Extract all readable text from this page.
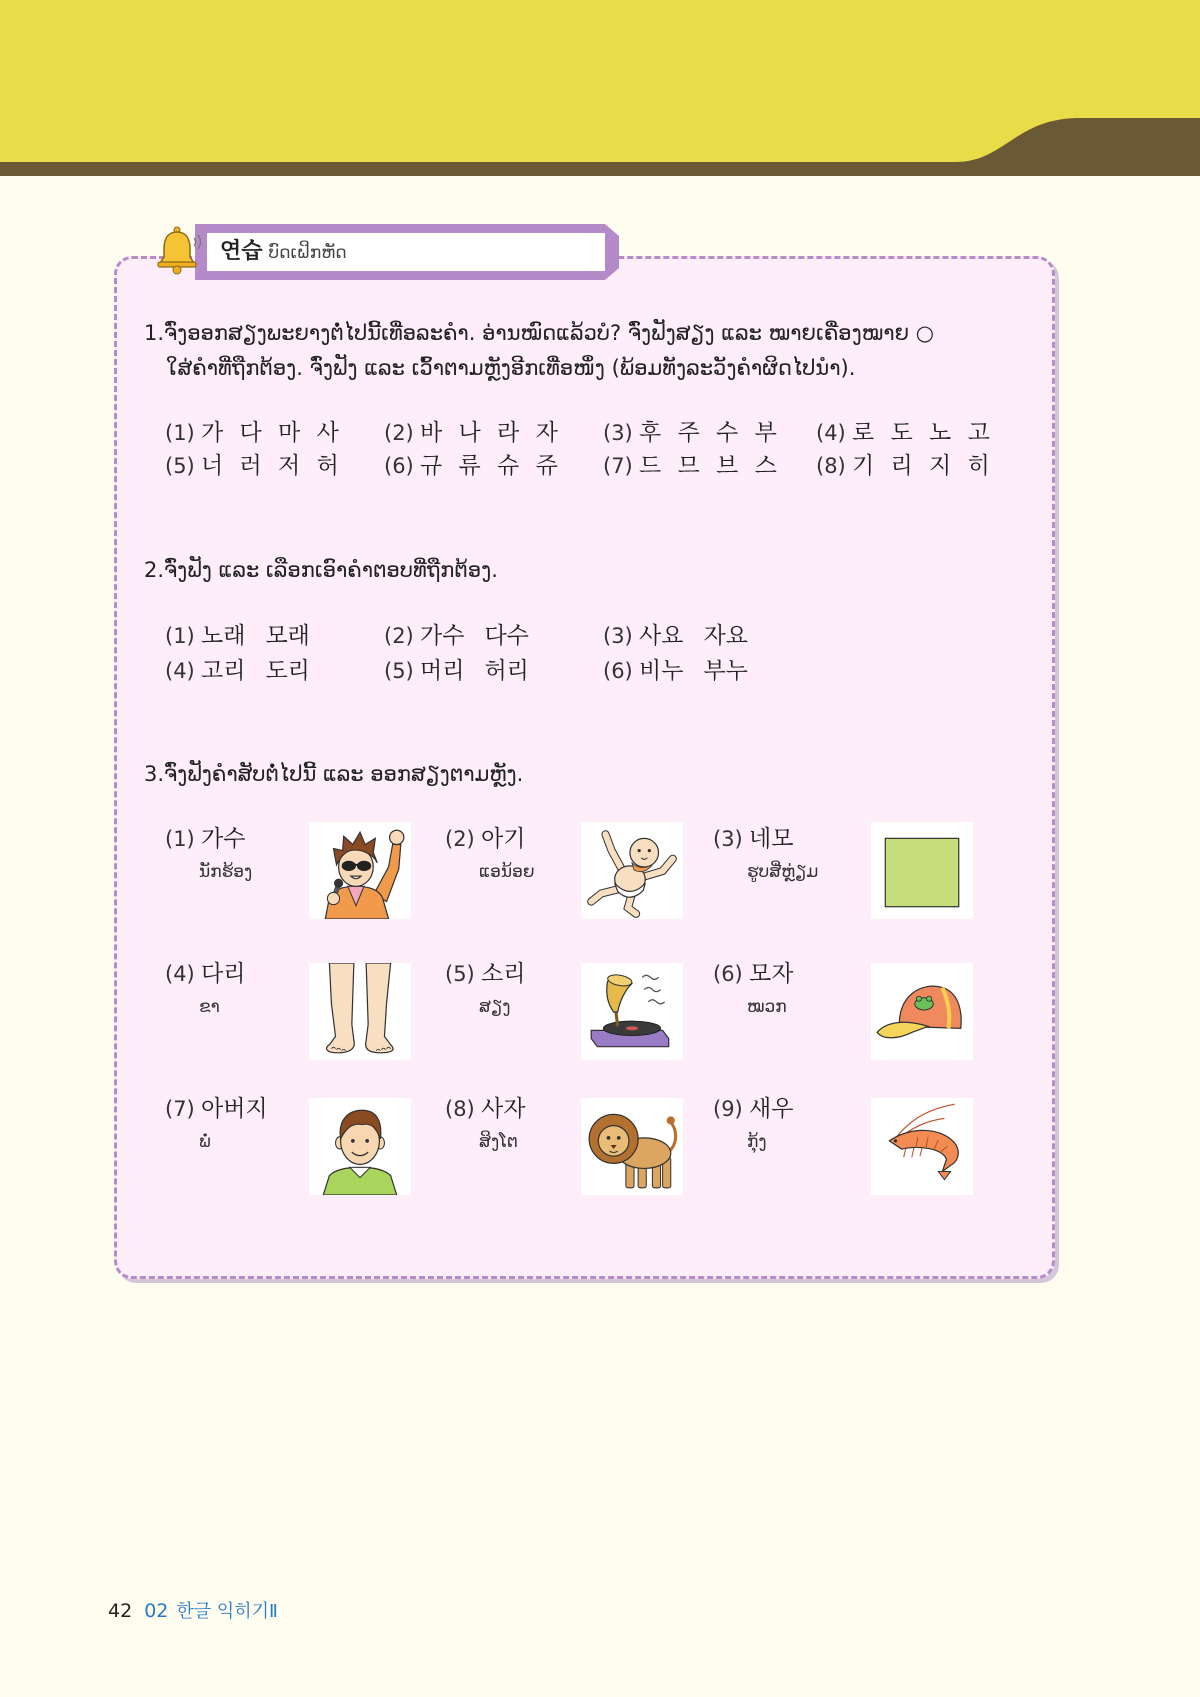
연습 ບົດເຝິກຫັດ
1.ຈົ່ງອອກສຽງພະຍາງຕໍ່ໄປນີ້ເທື່ອລະຄຳ. ອ່ານໝົດແລ້ວບໍ? ຈົ່ງຟັງສຽງ ແລະ ໝາຍເຄື່ອງໝາຍ ○
ໃສ່ຄຳທີ່ຖືກຕ້ອງ. ຈົ່ງຟັງ ແລະ ເວົ້າຕາມຫຼັງອີກເທື່ອໜຶ່ງ (ພ້ອມທັງລະວັງຄຳຜິດໄປນຳ).
(1) 가 다 마 사 (2) 바 나 라 자 (3) 후 주 수 부 (4) 로 도 노 고
(5) 너 러 저 허 (6) 규 류 슈 쥬 (7) 드 므 브 스 (8) 기 리 지 히
2.ຈົ່ງຟັງ ແລະ ເລືອກເອົາຄຳຕອບທີ່ຖືກຕ້ອງ.
(1) 노래 모래	(2) 가수 다수	(3) 사요 자요
(4) 고리 도리	(5) 머리 허리	(6) 비누 부누
3.ຈົ່ງຟັງຄຳສັບຕໍ່ໄປນີ້ ແລະ ອອກສຽງຕາມຫຼັງ.
(1) 가수
ນັກຮ້ອງ
(2) 아기
ແອນ້ອຍ
(3) 네모
ຮູບສີ່ຫຼ່ຽມ
(4) 다리
ຂາ
(5) 소리
ສຽງ
(6) 모자
ໝວກ
(7) 아버지
ພໍ່
(8) 사자
ສິງໂຕ
(9) 새우
ກຸ້ງ
42 02 한글 익히기Ⅱ
